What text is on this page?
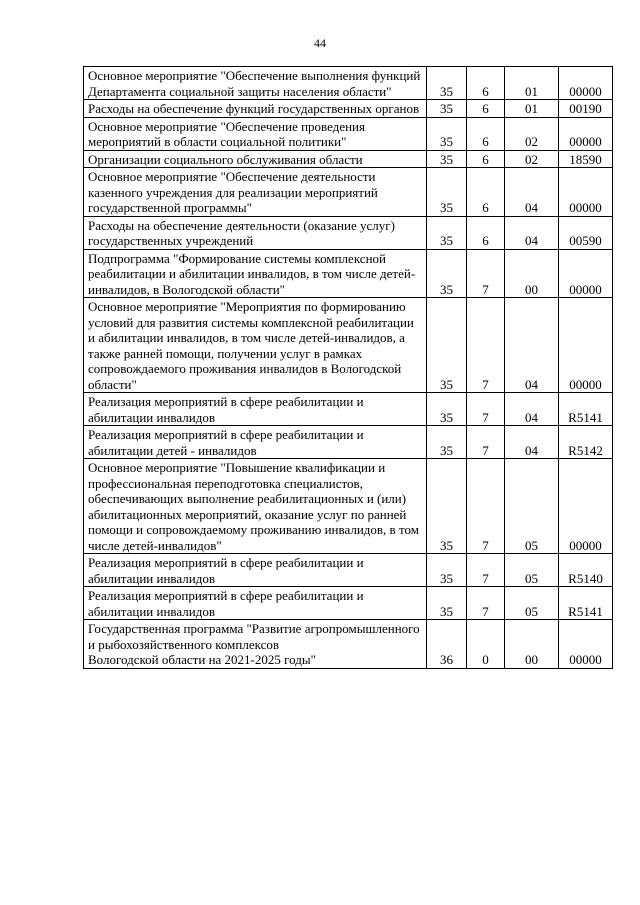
44
Основное мероприятие "Обеспечение выполнения функций Департамента социальной защиты населения области"	35	6	01	00000
Расходы на обеспечение функций государственных органов	35	6	01	00190
Основное мероприятие "Обеспечение проведения мероприятий в области социальной политики"	35	6	02	00000
Организации социального обслуживания области	35	6	02	18590
Основное мероприятие "Обеспечение деятельности казенного учреждения для реализации мероприятий государственной программы"	35	6	04	00000
Расходы на обеспечение деятельности (оказание услуг) государственных учреждений	35	6	04	00590
Подпрограмма "Формирование системы комплексной реабилитации и абилитации инвалидов, в том числе детей-инвалидов, в Вологодской области"	35	7	00	00000
Основное мероприятие "Мероприятия по формированию условий для развития системы комплексной реабилитации и абилитации инвалидов, в том числе детей-инвалидов, а также ранней помощи, получении услуг в рамках сопровождаемого проживания инвалидов в Вологодской области"	35	7	04	00000
Реализация мероприятий в сфере реабилитации и абилитации инвалидов	35	7	04	R5141
Реализация мероприятий в сфере реабилитации и абилитации детей - инвалидов	35	7	04	R5142
Основное мероприятие "Повышение квалификации и профессиональная переподготовка специалистов, обеспечивающих выполнение реабилитационных и (или) абилитационных мероприятий, оказание услуг по ранней помощи и сопровождаемому проживанию инвалидов, в том числе детей-инвалидов"	35	7	05	00000
Реализация мероприятий в сфере реабилитации и абилитации инвалидов	35	7	05	R5140
Реализация мероприятий в сфере реабилитации и абилитации инвалидов	35	7	05	R5141
Государственная программа "Развитие агропромышленного и рыбохозяйственного комплексов
Вологодской области на 2021-2025 годы"	36	0	00	00000
